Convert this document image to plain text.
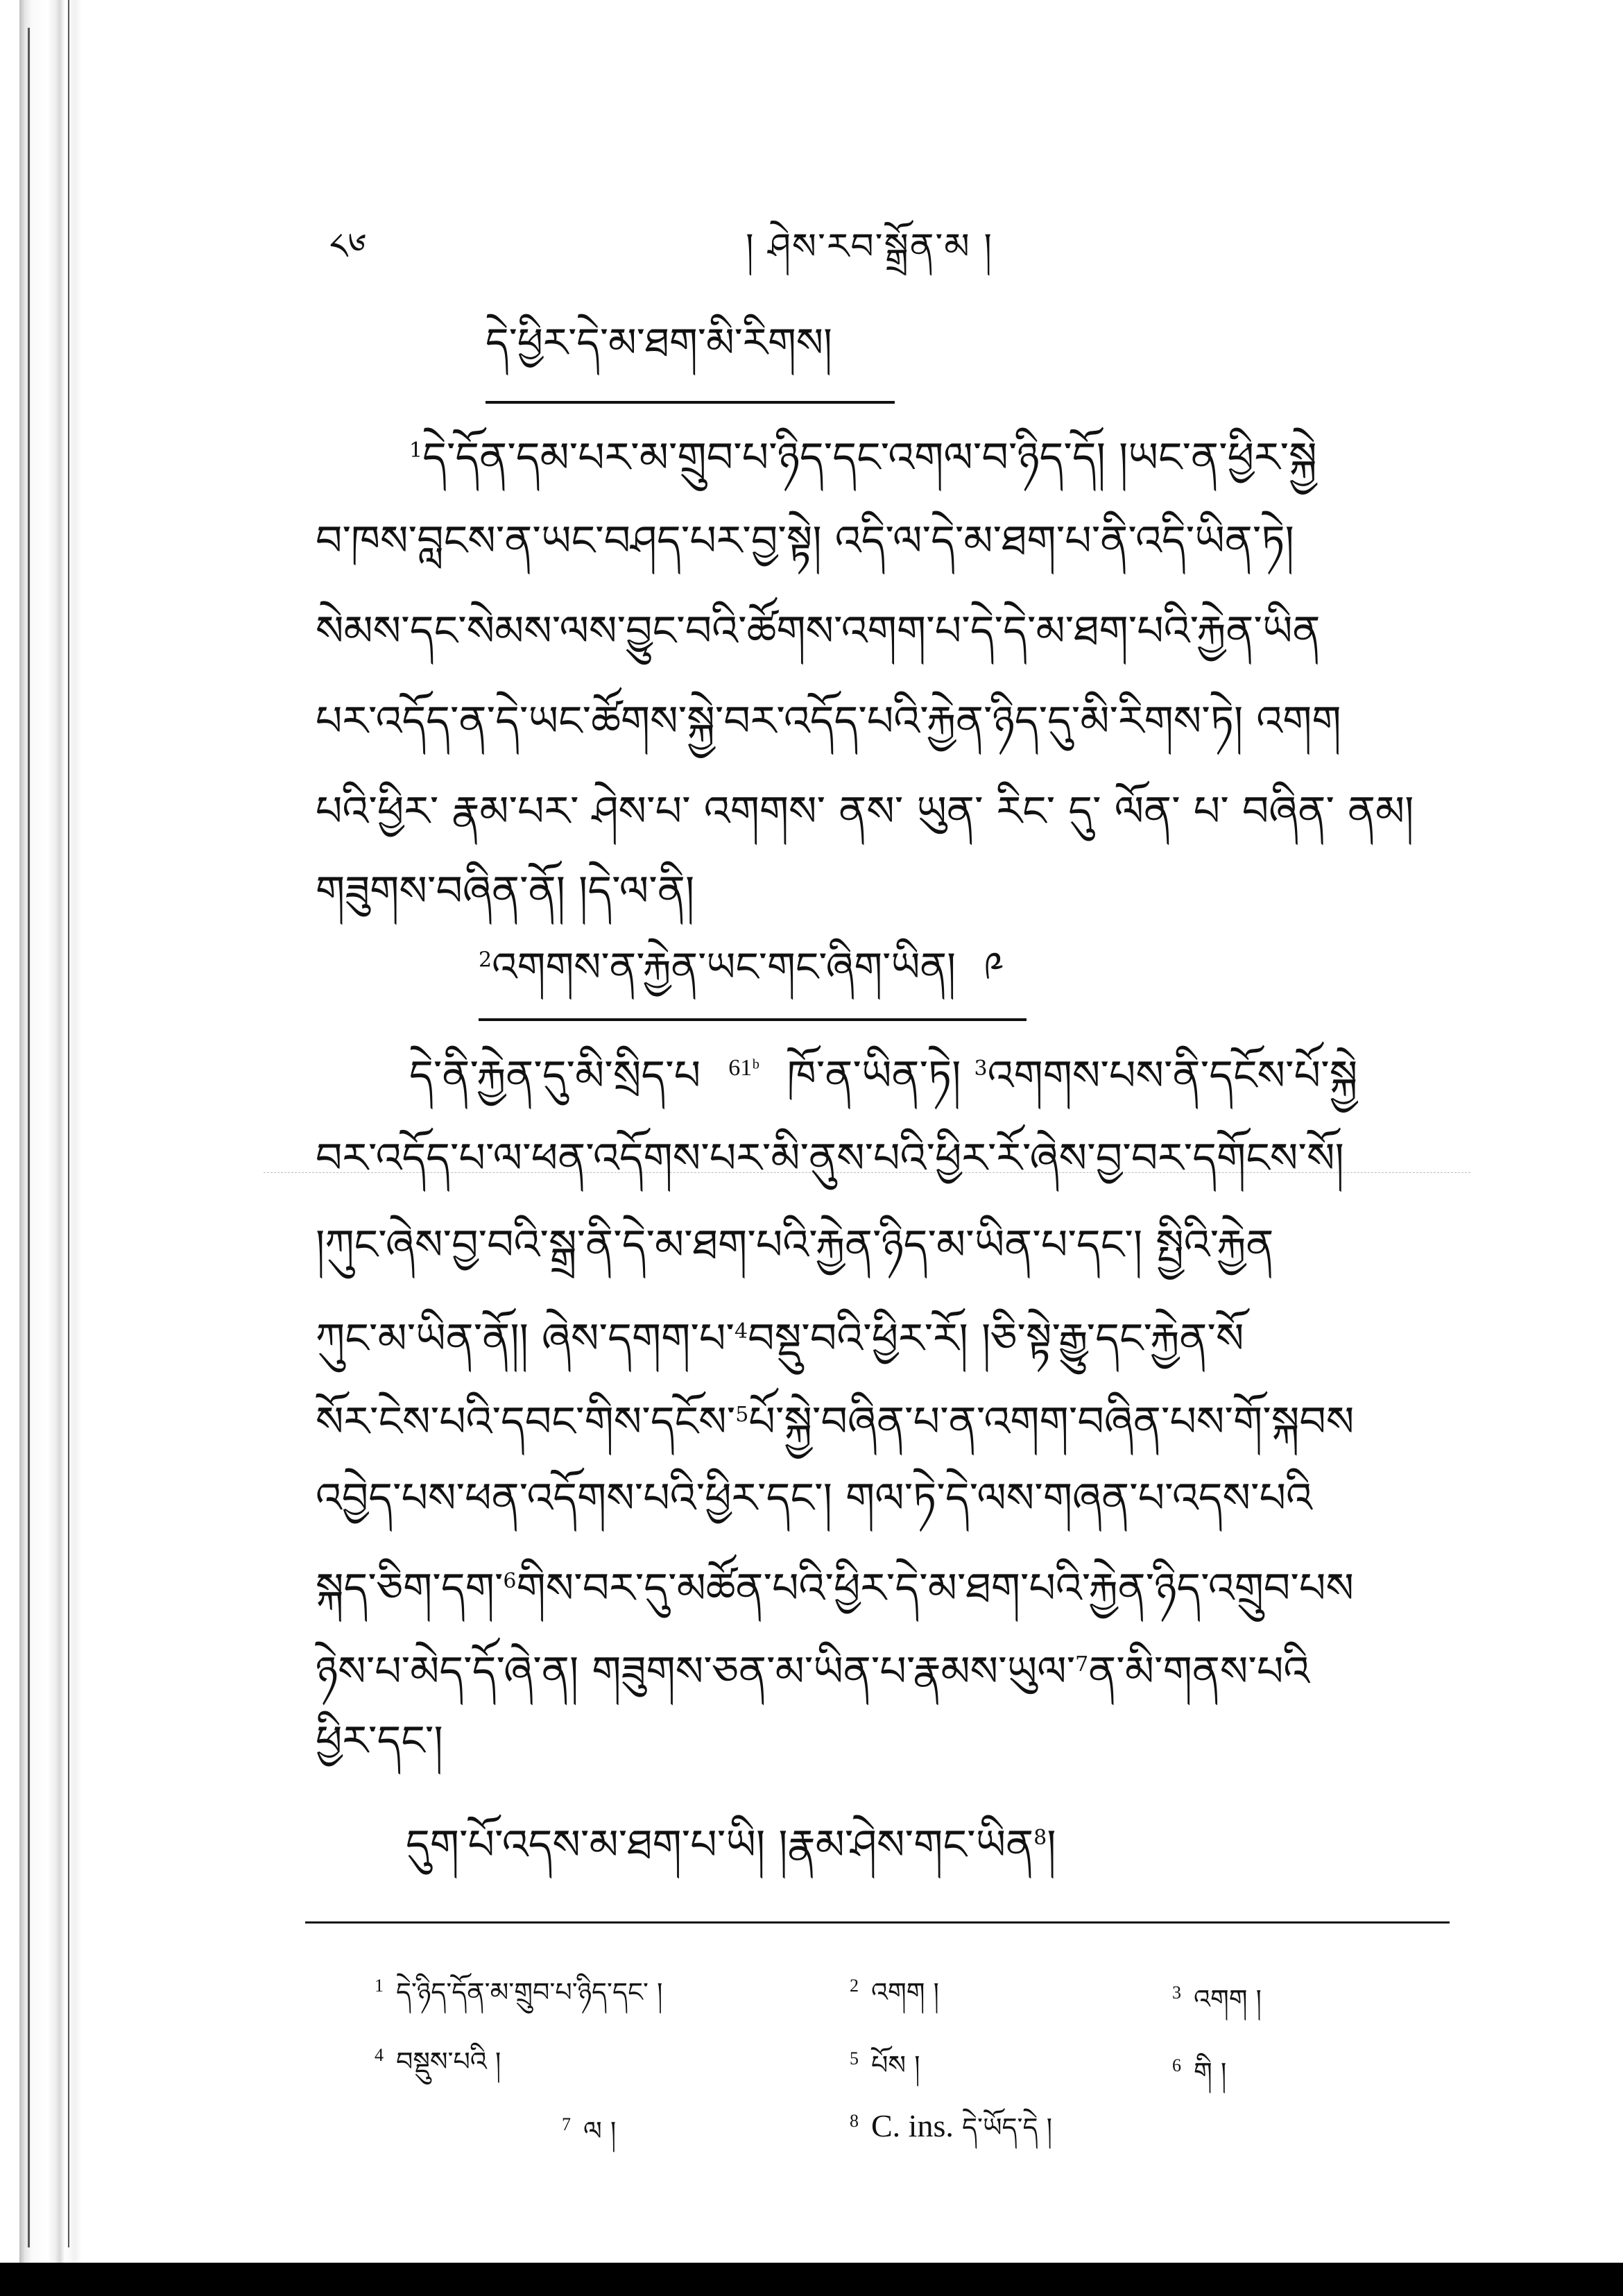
༨༦	། ཤེས་རབ་སྒྲོན་མ །
དེ་ཕྱིར་དེ་མ་ཐག་མི་རིགས།
$^1$དེ་དོན་དམ་པར་མ་གྲུབ་པ་ཉིད་དང་འགལ་བ་ཉིད་དོ། །ཡང་ན་ཕྱིར་སྐྱེ
བ་ཁས་བླངས་ན་ཡང་བཤད་པར་བྱ་སྟེ། འདི་ལ་དེ་མ་ཐག་པ་ནི་འདི་ཡིན་ཏེ།
སེམས་དང་སེམས་ལས་བྱུང་བའི་ཚོགས་འགག་པ་དེ་དེ་མ་ཐག་པའི་རྐྱེན་ཡིན
པར་འདོད་ན་དེ་ཡང་ཚོགས་སྐྱེ་བར་འདོད་པའི་རྐྱེན་ཉིད་དུ་མི་རིགས་ཏེ། འགག
པའི་ཕྱིར་ རྣམ་པར་ ཤེས་པ་ འགགས་ ནས་ ཡུན་ རིང་ དུ་ ལོན་ པ་ བཞིན་ ནམ།
གཟུགས་བཞིན་ནོ། །དེ་ལ་ནི།
$^2$འགགས་ན་རྐྱེན་ཡང་གང་ཞིག་ཡིན། ༩
དེ་ནི་རྐྱེན་དུ་མི་སྲིད་པ $^{61ᵇ}$ ཁོ་ན་ཡིན་ཏེ། $^3$འགགས་པས་ནི་དངོས་པོ་སྐྱེ
བར་འདོད་པ་ལ་ཕན་འདོགས་པར་མི་ནུས་པའི་ཕྱིར་རོ་ཞེས་བྱ་བར་དགོངས་སོ།
།ཀུང་ཞེས་བྱ་བའི་སྒྲ་ནི་དེ་མ་ཐག་པའི་རྐྱེན་ཉིད་མ་ཡིན་པ་དང་། སྤྱིའི་རྐྱེན
ཀུང་མ་ཡིན་ནོ།། ཞེས་དགག་པ་$^4$བསྡུ་བའི་ཕྱིར་རོ། །ཅི་སྟེ་རྒྱུ་དང་རྐྱེན་སོ
སོར་ངེས་པའི་དབང་གིས་དངོས་$^5$པོ་སྐྱེ་བཞིན་པ་ན་འགག་བཞིན་པས་གོ་སྐབས
འབྱེད་པས་ཕན་འདོགས་པའི་ཕྱིར་དང་། གལ་ཏེ་དེ་ལས་གཞན་པ་འདས་པའི
སྐད་ཅིག་དག་$^6$གིས་བར་དུ་མཚོན་པའི་ཕྱིར་དེ་མ་ཐག་པའི་རྐྱེན་ཉིད་འགྲུབ་པས
ཉེས་པ་མེད་དོ་ཞེ་ན། གཟུགས་ཅན་མ་ཡིན་པ་རྣམས་ཡུལ་$^7$ན་མི་གནས་པའི
ཕྱིར་དང་།
དུག་པོ་འདས་མ་ཐག་པ་ཡི། །རྣམ་ཤེས་གང་ཡིན$^8$།
$^1$ དེ་ཉིད་དོན་མ་གྲུབ་པ་ཉིད་དང་ །	$^2$ འགག །	$^3$ འགག །
$^4$ བསྡུས་པའི །	$^5$ པོས །	$^6$ གི །
$^7$ ལ །	$^8$ C. ins. དེ་ཡོད་དེ །
